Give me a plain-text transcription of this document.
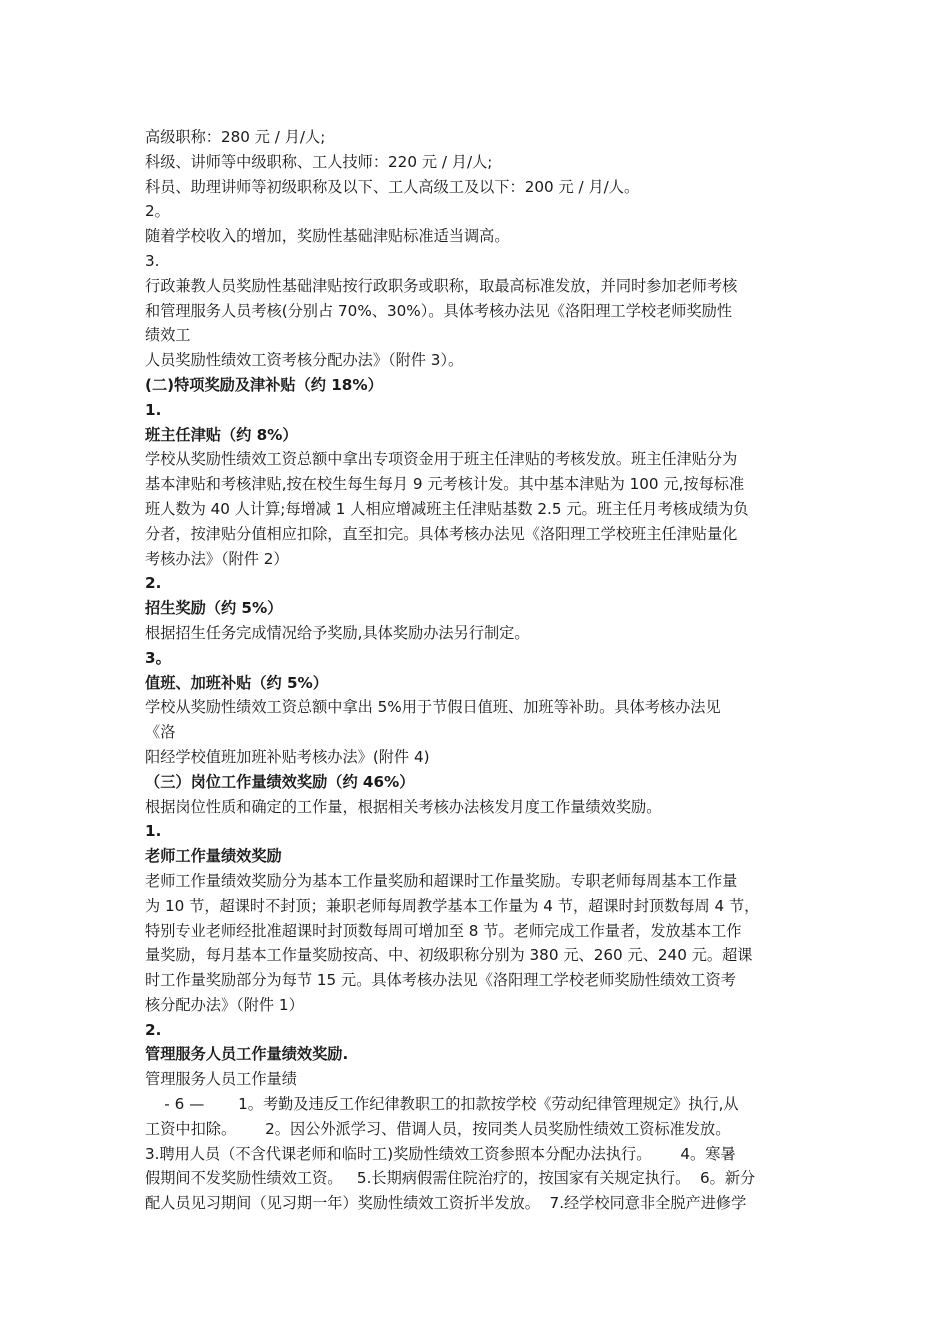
高级职称：280 元 / 月/人;
科级、讲师等中级职称、工人技师：220 元 / 月/人;
科员、助理讲师等初级职称及以下、工人高级工及以下：200 元 / 月/人。
2。
随着学校收入的增加，奖励性基础津贴标准适当调高。
3.
行政兼教人员奖励性基础津贴按行政职务或职称，取最高标准发放，并同时参加老师考核
和管理服务人员考核(分别占 70%、30%）。具体考核办法见《洛阳理工学校老师奖励性
绩效工
人员奖励性绩效工资考核分配办法》（附件 3）。
(二)特项奖励及津补贴（约 18%）
1.
班主任津贴（约 8%）
学校从奖励性绩效工资总额中拿出专项资金用于班主任津贴的考核发放。班主任津贴分为
基本津贴和考核津贴,按在校生每生每月 9 元考核计发。其中基本津贴为 100 元,按每标准
班人数为 40 人计算;每增减 1 人相应增减班主任津贴基数 2.5 元。班主任月考核成绩为负
分者，按津贴分值相应扣除，直至扣完。具体考核办法见《洛阳理工学校班主任津贴量化
考核办法》（附件 2）
2.
招生奖励（约 5%）
根据招生任务完成情况给予奖励,具体奖励办法另行制定。
3。
值班、加班补贴（约 5%）
学校从奖励性绩效工资总额中拿出 5%用于节假日值班、加班等补助。具体考核办法见
《洛
阳经学校值班加班补贴考核办法》(附件 4)
（三）岗位工作量绩效奖励（约 46%）
根据岗位性质和确定的工作量，根据相关考核办法核发月度工作量绩效奖励。
1.
老师工作量绩效奖励
老师工作量绩效奖励分为基本工作量奖励和超课时工作量奖励。专职老师每周基本工作量
为 10 节，超课时不封顶；兼职老师每周教学基本工作量为 4 节，超课时封顶数每周 4 节，
特别专业老师经批准超课时封顶数每周可增加至 8 节。老师完成工作量者，发放基本工作
量奖励，每月基本工作量奖励按高、中、初级职称分别为 380 元、260 元、240 元。超课
时工作量奖励部分为每节 15 元。具体考核办法见《洛阳理工学校老师奖励性绩效工资考
核分配办法》（附件 1）
2.
管理服务人员工作量绩效奖励.
管理服务人员工作量绩
- 6 —       1。考勤及违反工作纪律教职工的扣款按学校《劳动纪律管理规定》执行,从
工资中扣除。      2。因公外派学习、借调人员，按同类人员奖励性绩效工资标准发放。
3.聘用人员（不含代课老师和临时工)奖励性绩效工资参照本分配办法执行。      4。寒暑
假期间不发奖励性绩效工资。   5.长期病假需住院治疗的，按国家有关规定执行。  6。新分
配人员见习期间（见习期一年）奖励性绩效工资折半发放。  7.经学校同意非全脱产进修学
